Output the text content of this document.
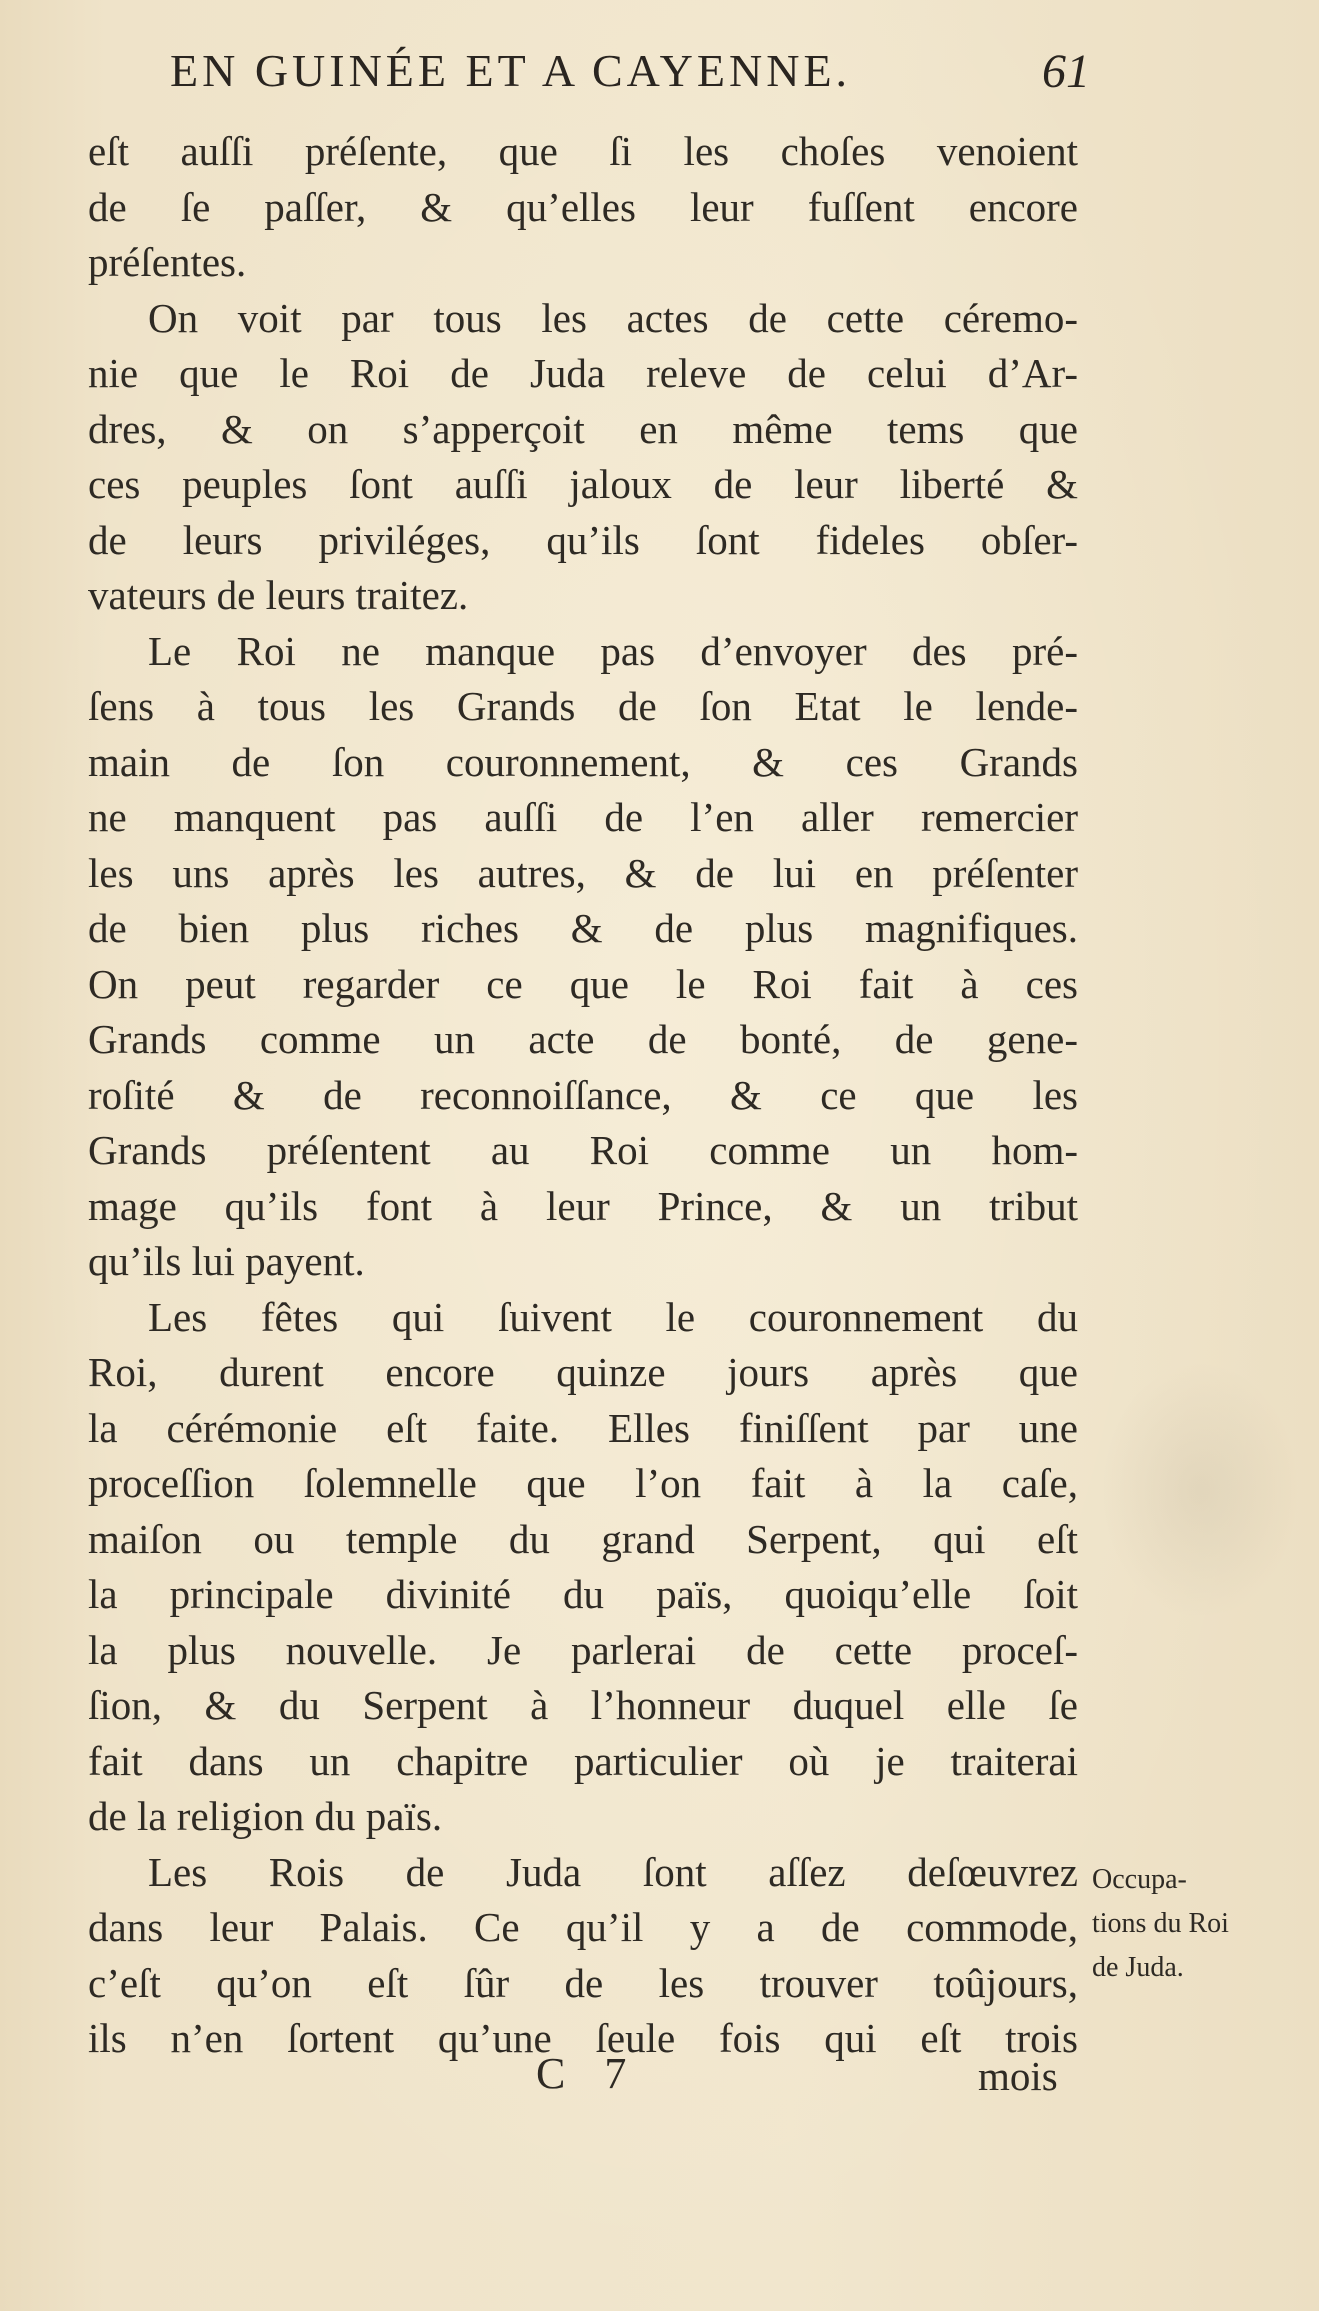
EN GUINÉE ET A CAYENNE.	61
eſt auſſi préſente, que ſi les choſes venoient
de ſe paſſer, & qu’elles leur fuſſent encore
préſentes.
On voit par tous les actes de cette céremo-
nie que le Roi de Juda releve de celui d’Ar-
dres, & on s’apperçoit en même tems que
ces peuples ſont auſſi jaloux de leur liberté &
de leurs priviléges, qu’ils ſont fideles obſer-
vateurs de leurs traitez.
Le Roi ne manque pas d’envoyer des pré-
ſens à tous les Grands de ſon Etat le lende-
main de ſon couronnement, & ces Grands
ne manquent pas auſſi de l’en aller remercier
les uns après les autres, & de lui en préſenter
de bien plus riches & de plus magnifiques.
On peut regarder ce que le Roi fait à ces
Grands comme un acte de bonté, de gene-
roſité & de reconnoiſſance, & ce que les
Grands préſentent au Roi comme un hom-
mage qu’ils font à leur Prince, & un tribut
qu’ils lui payent.
Les fêtes qui ſuivent le couronnement du
Roi, durent encore quinze jours après que
la cérémonie eſt faite. Elles finiſſent par une
proceſſion ſolemnelle que l’on fait à la caſe,
maiſon ou temple du grand Serpent, qui eſt
la principale divinité du païs, quoiqu’elle ſoit
la plus nouvelle. Je parlerai de cette proceſ-
ſion, & du Serpent à l’honneur duquel elle ſe
fait dans un chapitre particulier où je traiterai
de la religion du païs.
Les Rois de Juda ſont aſſez deſœuvrez
dans leur Palais. Ce qu’il y a de commode,
c’eſt qu’on eſt ſûr de les trouver toûjours,
ils n’en ſortent qu’une ſeule fois qui eſt trois
Occupa-
tions du Roi
de Juda.
C 7	mois
